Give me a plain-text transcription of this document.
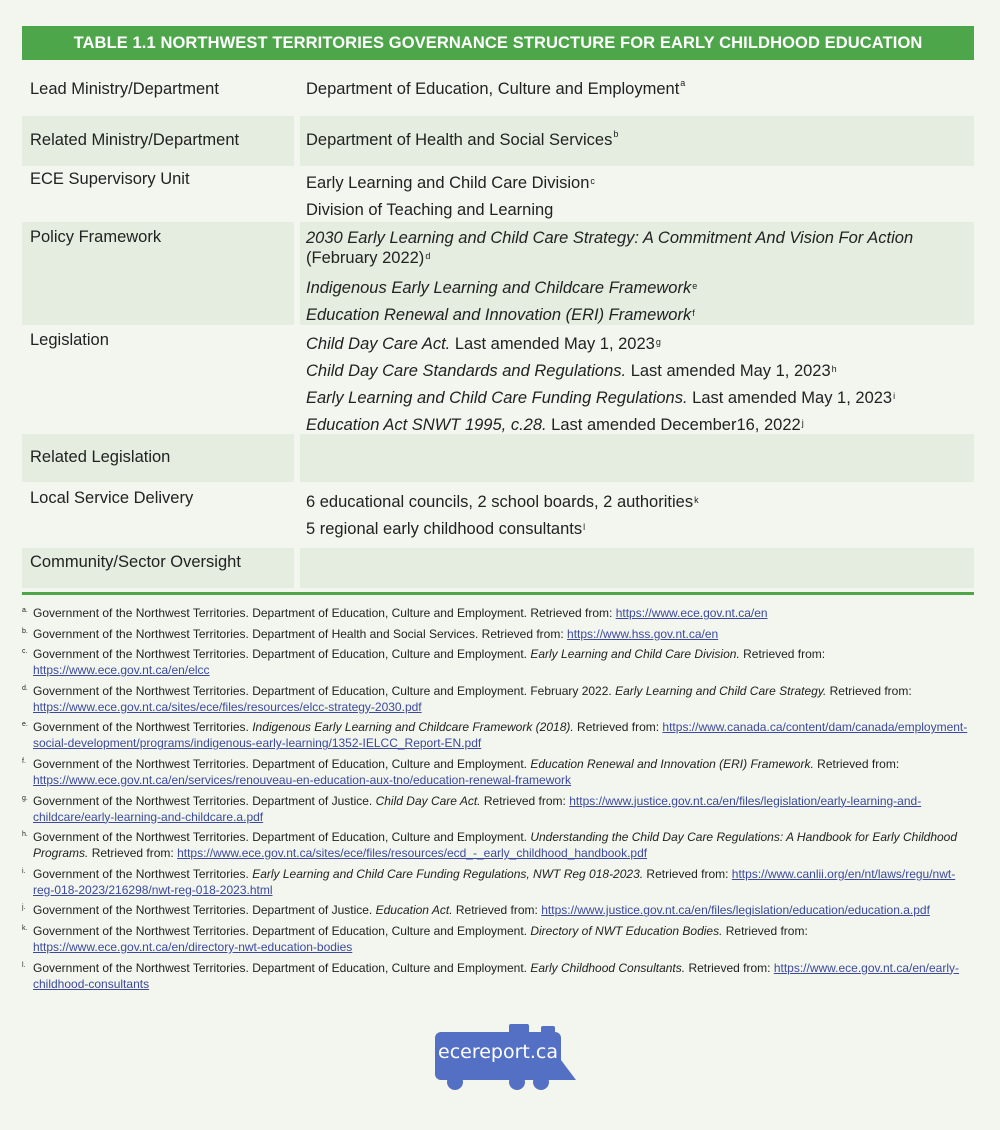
TABLE 1.1 NORTHWEST TERRITORIES GOVERNANCE STRUCTURE FOR EARLY CHILDHOOD EDUCATION
Lead Ministry/Department	Department of Education, Culture and Employment$^a$
Related Ministry/Department	Department of Health and Social Services$^b$
ECE Supervisory Unit	Early Learning and Child Care Division$^c$
Division of Teaching and Learning
Policy Framework	2030 Early Learning and Child Care Strategy: A Commitment And Vision For Action (February 2022)$^d$
Indigenous Early Learning and Childcare Framework$^e$
Education Renewal and Innovation (ERI) Framework$^f$
Legislation	Child Day Care Act. Last amended May 1, 2023$^g$
Child Day Care Standards and Regulations. Last amended May 1, 2023$^h$
Early Learning and Child Care Funding Regulations. Last amended May 1, 2023$^i$
Education Act SNWT 1995, c.28. Last amended December16, 2022$^j$
Related Legislation
Local Service Delivery	6 educational councils, 2 school boards, 2 authorities$^k$
5 regional early childhood consultants$^l$
Community/Sector Oversight
a. Government of the Northwest Territories. Department of Education, Culture and Employment. Retrieved from: https://www.ece.gov.nt.ca/en
b. Government of the Northwest Territories. Department of Health and Social Services. Retrieved from: https://www.hss.gov.nt.ca/en
c. Government of the Northwest Territories. Department of Education, Culture and Employment. Early Learning and Child Care Division. Retrieved from: https://www.ece.gov.nt.ca/en/elcc
d. Government of the Northwest Territories. Department of Education, Culture and Employment. February 2022. Early Learning and Child Care Strategy. Retrieved from: https://www.ece.gov.nt.ca/sites/ece/files/resources/elcc-strategy-2030.pdf
e. Government of the Northwest Territories. Indigenous Early Learning and Childcare Framework (2018). Retrieved from: https://www.canada.ca/content/dam/canada/employment-social-development/programs/indigenous-early-learning/1352-IELCC_Report-EN.pdf
f. Government of the Northwest Territories. Department of Education, Culture and Employment. Education Renewal and Innovation (ERI) Framework. Retrieved from: https://www.ece.gov.nt.ca/en/services/renouveau-en-education-aux-tno/education-renewal-framework
g. Government of the Northwest Territories. Department of Justice. Child Day Care Act. Retrieved from: https://www.justice.gov.nt.ca/en/files/legislation/early-learning-and-childcare/early-learning-and-childcare.a.pdf
h. Government of the Northwest Territories. Department of Education, Culture and Employment. Understanding the Child Day Care Regulations: A Handbook for Early Childhood Programs. Retrieved from: https://www.ece.gov.nt.ca/sites/ece/files/resources/ecd_-_early_childhood_handbook.pdf
i. Government of the Northwest Territories. Early Learning and Child Care Funding Regulations, NWT Reg 018-2023. Retrieved from: https://www.canlii.org/en/nt/laws/regu/nwt-reg-018-2023/216298/nwt-reg-018-2023.html
j. Government of the Northwest Territories. Department of Justice. Education Act. Retrieved from: https://www.justice.gov.nt.ca/en/files/legislation/education/education.a.pdf
k. Government of the Northwest Territories. Department of Education, Culture and Employment. Directory of NWT Education Bodies. Retrieved from: https://www.ece.gov.nt.ca/en/directory-nwt-education-bodies
l. Government of the Northwest Territories. Department of Education, Culture and Employment. Early Childhood Consultants. Retrieved from: https://www.ece.gov.nt.ca/en/early-childhood-consultants
ecereport.ca
